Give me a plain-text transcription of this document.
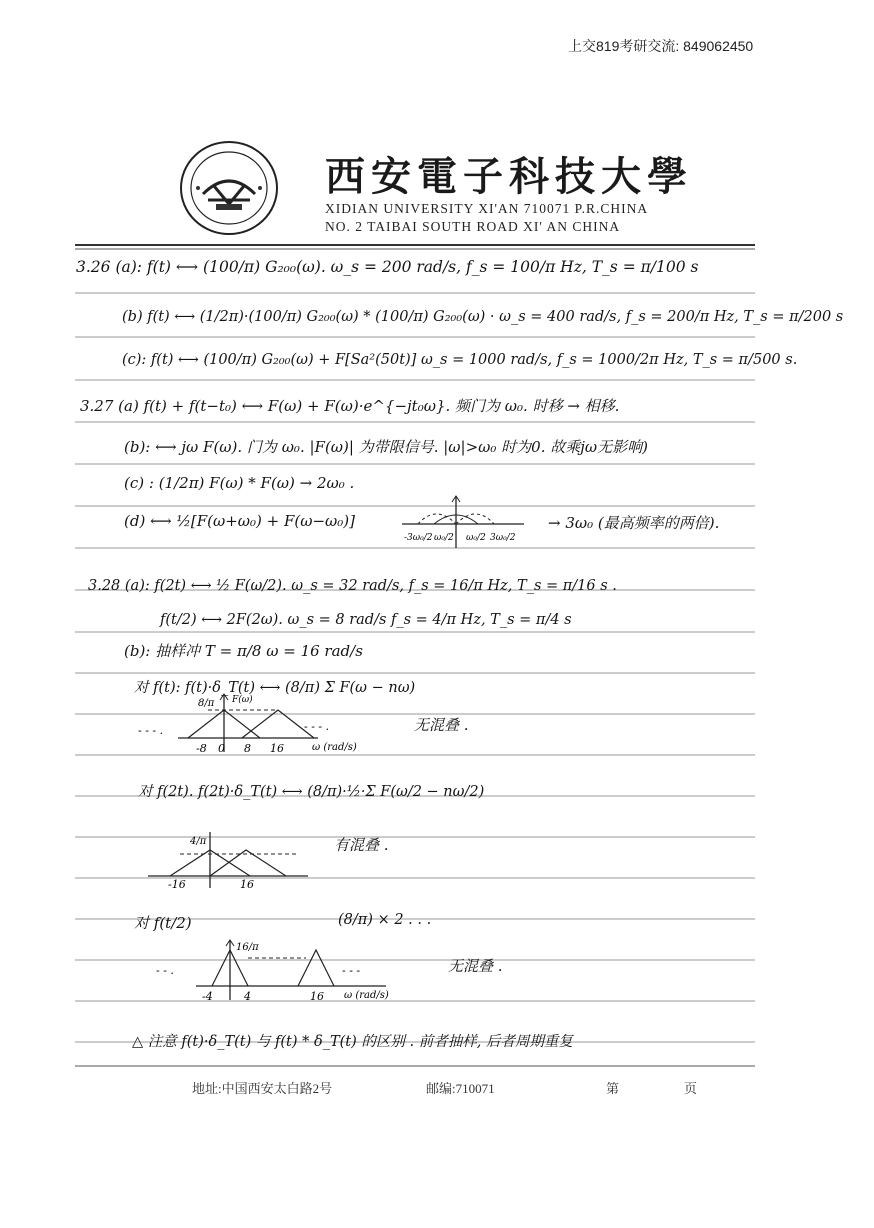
上交819考研交流: 849062450
西安電子科技大學
XIDIAN UNIVERSITY XI'AN 710071 P.R.CHINA
NO. 2 TAIBAI SOUTH ROAD XI' AN CHINA
3.26 (a): f(t) ⟷ (100/π) G₂₀₀(ω). ω_s = 200 rad/s, f_s = 100/π Hz, T_s = π/100 s
(b) f(t) ⟷ (1/2π)·(100/π) G₂₀₀(ω) * (100/π) G₂₀₀(ω) · ω_s = 400 rad/s, f_s = 200/π Hz, T_s = π/200 s
(c): f(t) ⟷ (100/π) G₂₀₀(ω) + F[Sa²(50t)] ω_s = 1000 rad/s, f_s = 1000/2π Hz, T_s = π/500 s.
3.27 (a) f(t) + f(t−t₀) ⟷ F(ω) + F(ω)·e^{−jt₀ω}. 频门为 ω₀. 时移 → 相移.
(b): ⟷ jω F(ω). 门为 ω₀. |F(ω)| 为带限信号. |ω|>ω₀ 时为0. 故乘jω无影响)
(c) : (1/2π) F(ω) * F(ω) → 2ω₀ .
(d) ⟷ ½[F(ω+ω₀) + F(ω−ω₀)]
-3ω₀/2 ω₀/2 ω₀/2 3ω₀/2
→ 3ω₀ (最高频率的两倍).
3.28 (a): f(2t) ⟷ ½ F(ω/2). ω_s = 32 rad/s, f_s = 16/π Hz, T_s = π/16 s .
f(t/2) ⟷ 2F(2ω). ω_s = 8 rad/s f_s = 4/π Hz, T_s = π/4 s
(b): 抽样冲 T = π/8 ω = 16 rad/s
对 f(t): f(t)·δ_T(t) ⟷ (8/π) Σ F(ω − nω)
8/π F(ω)
- - - .	- - - .
-8 0 8 16	ω (rad/s)
无混叠 .
对 f(2t). f(2t)·δ_T(t) ⟷ (8/π)·½·Σ F(ω/2 − nω/2)
4/π
-16	16
有混叠 .
对 f(t/2)	(8/π) × 2 . . .
16/π
- - .	- - -
-4	4	16 ω (rad/s)
无混叠 .
△ 注意 f(t)·δ_T(t) 与 f(t) * δ_T(t) 的区别 . 前者抽样, 后者周期重复
地址:中国西安太白路2号	邮编:710071	第	页
